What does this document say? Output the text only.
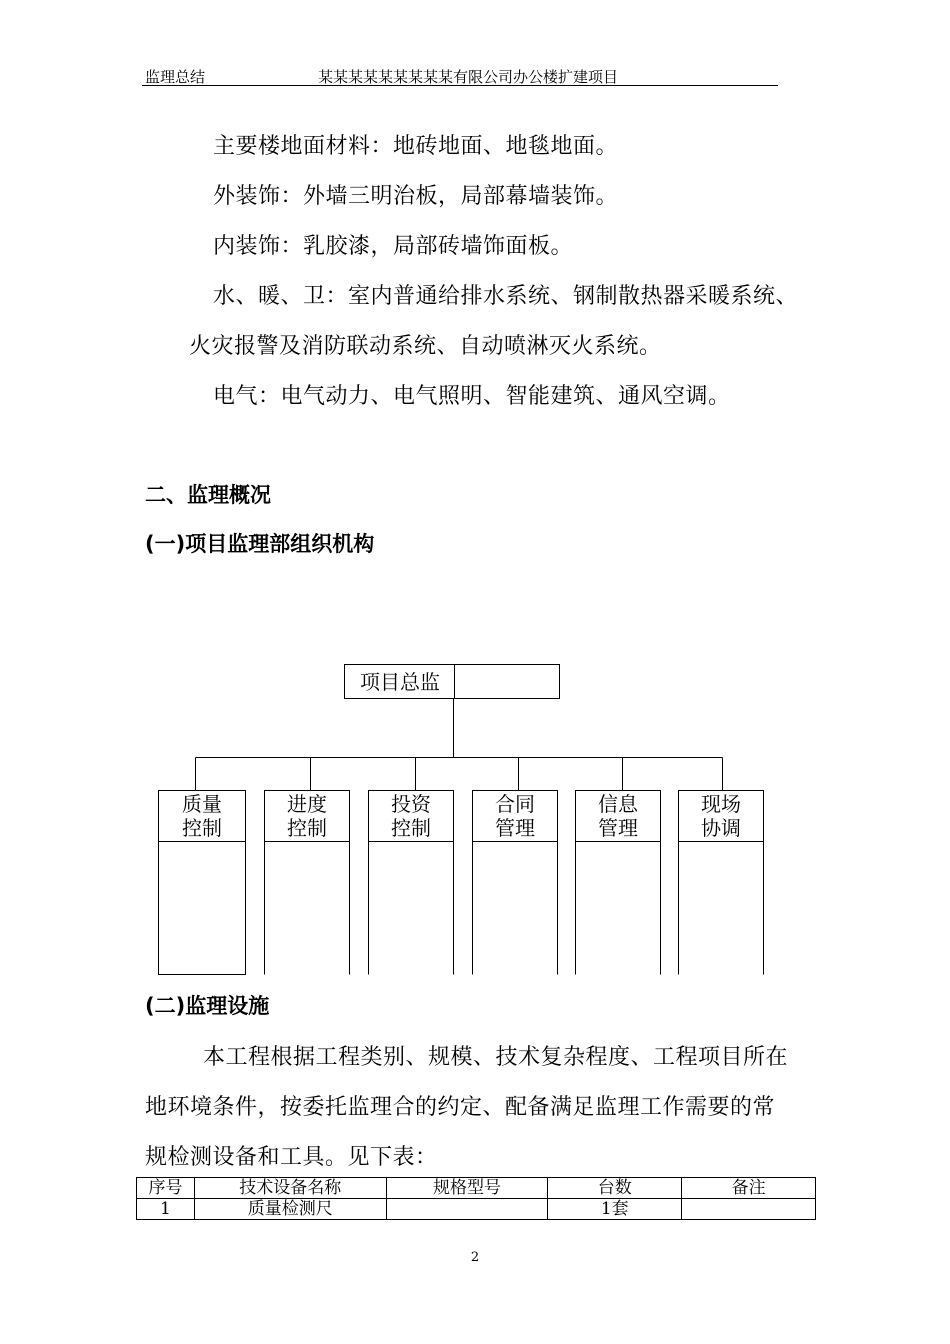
监理总结	某某某某某某某某某有限公司办公楼扩建项目
主要楼地面材料：地砖地面、地毯地面。
外装饰：外墙三明治板，局部幕墙装饰。
内装饰：乳胶漆，局部砖墙饰面板。
水、暖、卫：室内普通给排水系统、钢制散热器采暖系统、
火灾报警及消防联动系统、自动喷淋灭火系统。
电气：电气动力、电气照明、智能建筑、通风空调。
二、监理概况
(一)项目监理部组织机构
项目总监
质量
控制
进度
控制
投资
控制
合同
管理
信息
管理
现场
协调
(二)监理设施
本工程根据工程类别、规模、技术复杂程度、工程项目所在
地环境条件，按委托监理合的约定、配备满足监理工作需要的常
规检测设备和工具。见下表：
序号	技术设备名称	规格型号	台数	备注
1	质量检测尺		1套	
2
